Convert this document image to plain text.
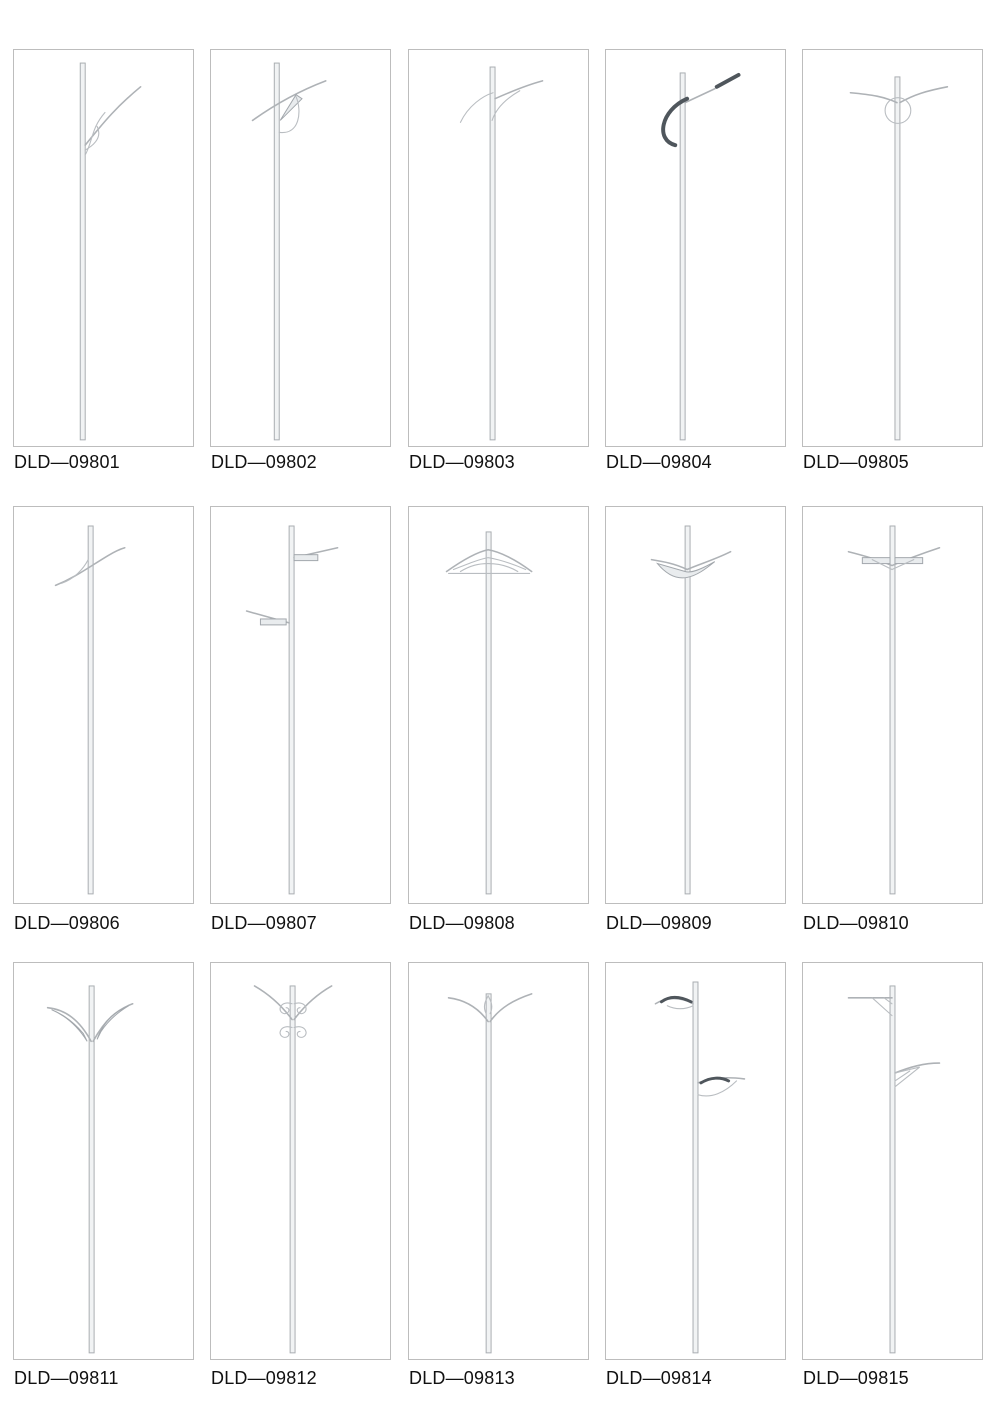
DLD—09801	DLD—09802	DLD—09803	DLD—09804	DLD—09805
DLD—09806	DLD—09807	DLD—09808	DLD—09809	DLD—09810
DLD—09811	DLD—09812	DLD—09813	DLD—09814	DLD—09815
